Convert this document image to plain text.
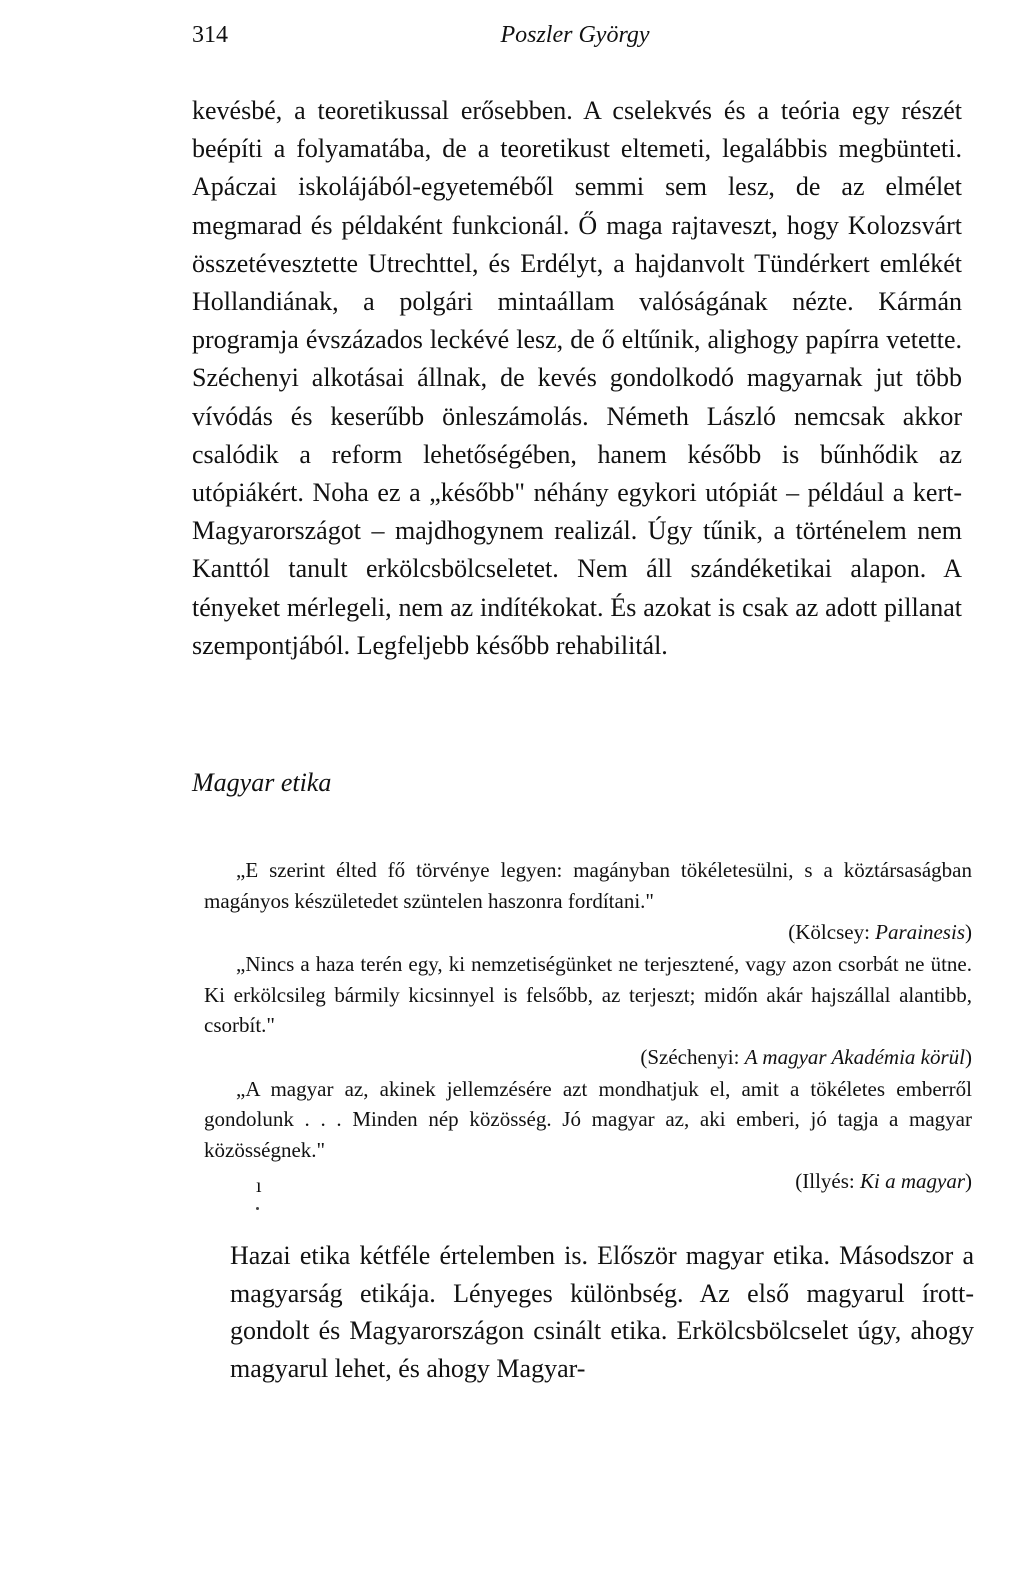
314	Poszler György

kevésbé, a teoretikussal erősebben. A cselekvés és a teória egy részét beépíti a folyamatába, de a teoretikust eltemeti, legalábbis megbünteti. Apáczai iskolájából-egyeteméből semmi sem lesz, de az elmélet megmarad és példaként funkcionál. Ő maga rajtaveszt, hogy Kolozsvárt összetévesztette Utrechttel, és Erdélyt, a hajdanvolt Tündérkert emlékét Hollandiának, a polgári mintaállam valóságának nézte. Kármán programja évszázados leckévé lesz, de ő eltűnik, alighogy papírra vetette. Széchenyi alkotásai állnak, de kevés gondolkodó magyarnak jut több vívódás és keserűbb önleszámolás. Németh László nemcsak akkor csalódik a reform lehetőségében, hanem később is bűnhődik az utópiákért. Noha ez a „később" néhány egykori utópiát – például a kert-Magyarországot – majdhogynem realizál. Úgy tűnik, a történelem nem Kanttól tanult erkölcsbölcseletet. Nem áll szándéketikai alapon. A tényeket mérlegeli, nem az indítékokat. És azokat is csak az adott pillanat szempontjából. Legfeljebb később rehabilitál.

Magyar etika

„E szerint élted fő törvénye legyen: magányban tökéletesülni, s a köztársaságban magányos készületedet szüntelen haszonra fordítani."

(Kölcsey: Parainesis)

„Nincs a haza terén egy, ki nemzetiségünket ne terjesztené, vagy azon csorbát ne ütne. Ki erkölcsileg bármily kicsinnyel is felsőbb, az terjeszt; midőn akár hajszállal alantibb, csorbít."

(Széchenyi: A magyar Akadémia körül)

„A magyar az, akinek jellemzésére azt mondhatjuk el, amit a tökéletes emberről gondolunk . . . Minden nép közösség. Jó magyar az, aki emberi, jó tagja a magyar közösségnek."

(Illyés: Ki a magyar)

ı

Hazai etika kétféle értelemben is. Először magyar etika. Másodszor a magyarság etikája. Lényeges különbség. Az első magyarul írott-gondolt és Magyarországon csinált etika. Erkölcsbölcselet úgy, ahogy magyarul lehet, és ahogy Magyar-
